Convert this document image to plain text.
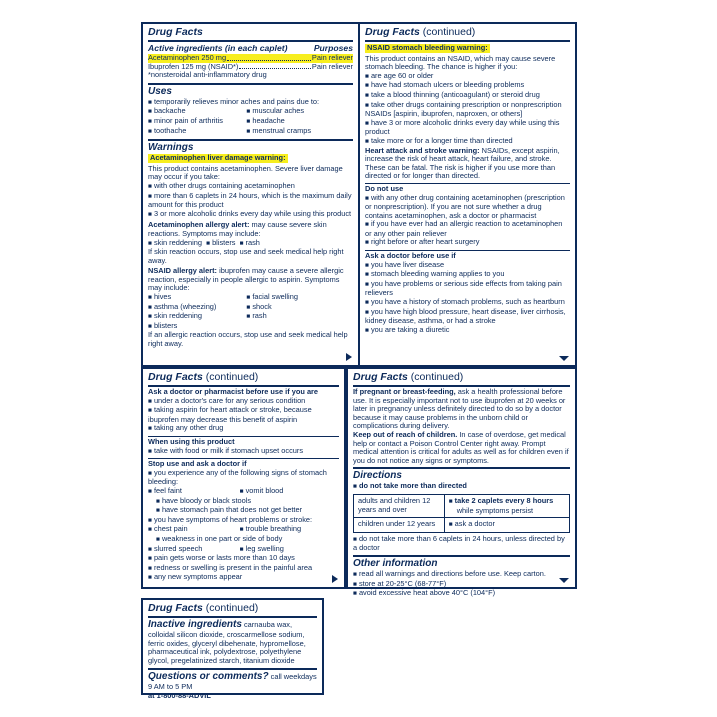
Drug Facts
Active ingredients (in each caplet)	Purposes
Acetaminophen 250 mg	Pain reliever
Ibuprofen 125 mg (NSAID*)	Pain reliever
*nonsteroidal anti-inflammatory drug
Uses
■ temporarily relieves minor aches and pains due to:
■ backache	■ muscular aches
■ minor pain of arthritis	■ headache
■ toothache	■ menstrual cramps
Warnings
Acetaminophen liver damage warning:
This product contains acetaminophen. Severe liver damage may occur if you take:
■ with other drugs containing acetaminophen
■ more than 6 caplets in 24 hours, which is the maximum daily amount for this product
■ 3 or more alcoholic drinks every day while using this product
Acetaminophen allergy alert: may cause severe skin reactions. Symptoms may include:
■ skin reddening ■ blisters ■ rash
If skin reaction occurs, stop use and seek medical help right away.
NSAID allergy alert: ibuprofen may cause a severe allergic reaction, especially in people allergic to aspirin. Symptoms may include:
■ hives	■ facial swelling
■ asthma (wheezing)	■ shock
■ skin reddening	■ rash
■ blisters
If an allergic reaction occurs, stop use and seek medical help right away.
Drug Facts (continued)
NSAID stomach bleeding warning:
This product contains an NSAID, which may cause severe stomach bleeding. The chance is higher if you:
■ are age 60 or older
■ have had stomach ulcers or bleeding problems
■ take a blood thinning (anticoagulant) or steroid drug
■ take other drugs containing prescription or nonprescription NSAIDs [aspirin, ibuprofen, naproxen, or others]
■ have 3 or more alcoholic drinks every day while using this product
■ take more or for a longer time than directed
Heart attack and stroke warning: NSAIDs, except aspirin, increase the risk of heart attack, heart failure, and stroke. These can be fatal. The risk is higher if you use more than directed or for longer than directed.
Do not use
■ with any other drug containing acetaminophen (prescription or nonprescription). If you are not sure whether a drug contains acetaminophen, ask a doctor or pharmacist
■ if you have ever had an allergic reaction to acetaminophen or any other pain reliever
■ right before or after heart surgery
Ask a doctor before use if
■ you have liver disease
■ stomach bleeding warning applies to you
■ you have problems or serious side effects from taking pain relievers
■ you have a history of stomach problems, such as heartburn
■ you have high blood pressure, heart disease, liver cirrhosis, kidney disease, asthma, or had a stroke
■ you are taking a diuretic
Drug Facts (continued)
Ask a doctor or pharmacist before use if you are
■ under a doctor's care for any serious condition
■ taking aspirin for heart attack or stroke, because ibuprofen may decrease this benefit of aspirin
■ taking any other drug
When using this product
■ take with food or milk if stomach upset occurs
Stop use and ask a doctor if
■ you experience any of the following signs of stomach bleeding:
■ feel faint	■ vomit blood
■ have bloody or black stools
■ have stomach pain that does not get better
■ you have symptoms of heart problems or stroke:
■ chest pain	■ trouble breathing
■ weakness in one part or side of body
■ slurred speech	■ leg swelling
■ pain gets worse or lasts more than 10 days
■ redness or swelling is present in the painful area
■ any new symptoms appear
Drug Facts (continued)
If pregnant or breast-feeding, ask a health professional before use. It is especially important not to use ibuprofen at 20 weeks or later in pregnancy unless definitely directed to do so by a doctor because it may cause problems in the unborn child or complications during delivery.
Keep out of reach of children. In case of overdose, get medical help or contact a Poison Control Center right away. Prompt medical attention is critical for adults as well as for children even if you do not notice any signs or symptoms.
Directions
■ do not take more than directed
adults and children 12 years and over	■ take 2 caplets every 8 hours
while symptoms persist
children under 12 years	■ ask a doctor
■ do not take more than 6 caplets in 24 hours, unless directed by a doctor
Other information
■ read all warnings and directions before use. Keep carton.
■ store at 20-25°C (68-77°F)
■ avoid excessive heat above 40°C (104°F)
Drug Facts (continued)
Inactive ingredients carnauba wax, colloidal silicon dioxide, croscarmellose sodium, ferric oxides, glyceryl dibehenate, hypromellose, pharmaceutical ink, polydextrose, polyethylene glycol, pregelatinized starch, titanium dioxide
Questions or comments? call weekdays 9 AM to 5 PM
at 1-800-88-ADVIL
